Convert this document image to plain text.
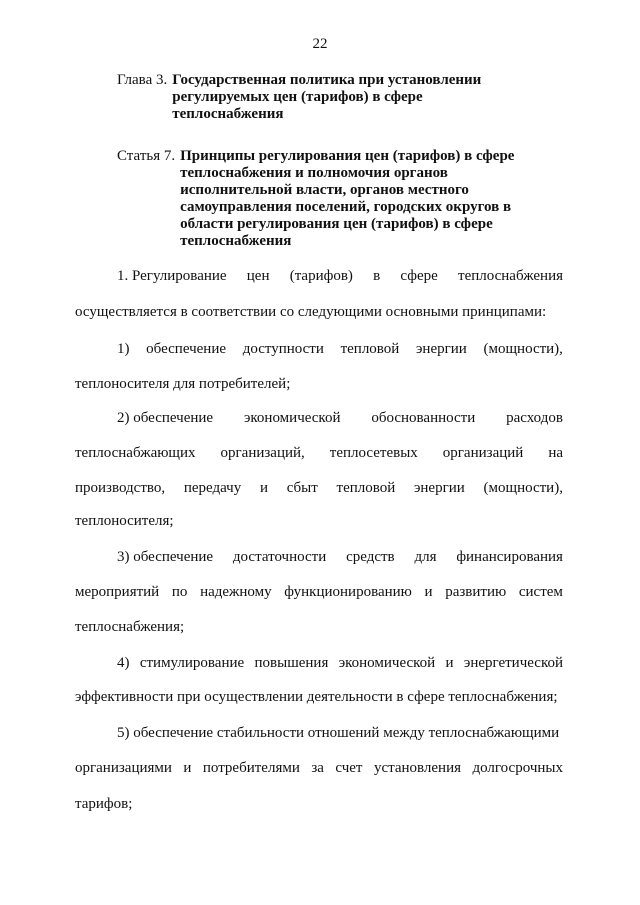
22
Глава 3. Государственная политика при установлении
регулируемых цен (тарифов) в сфере
теплоснабжения
Статья 7. Принципы регулирования цен (тарифов) в сфере
теплоснабжения и полномочия органов
исполнительной власти, органов местного
самоуправления поселений, городских округов в
области регулирования цен (тарифов) в сфере
теплоснабжения
1. Регулирование цен (тарифов) в сфере теплоснабжения
осуществляется в соответствии со следующими основными принципами:
1) обеспечение доступности тепловой энергии (мощности),
теплоносителя для потребителей;
2) обеспечение экономической обоснованности расходов
теплоснабжающих организаций, теплосетевых организаций на
производство, передачу и сбыт тепловой энергии (мощности),
теплоносителя;
3) обеспечение достаточности средств для финансирования
мероприятий по надежному функционированию и развитию систем
теплоснабжения;
4) стимулирование повышения экономической и энергетической
эффективности при осуществлении деятельности в сфере теплоснабжения;
5) обеспечение стабильности отношений между теплоснабжающими
организациями и потребителями за счет установления долгосрочных
тарифов;
